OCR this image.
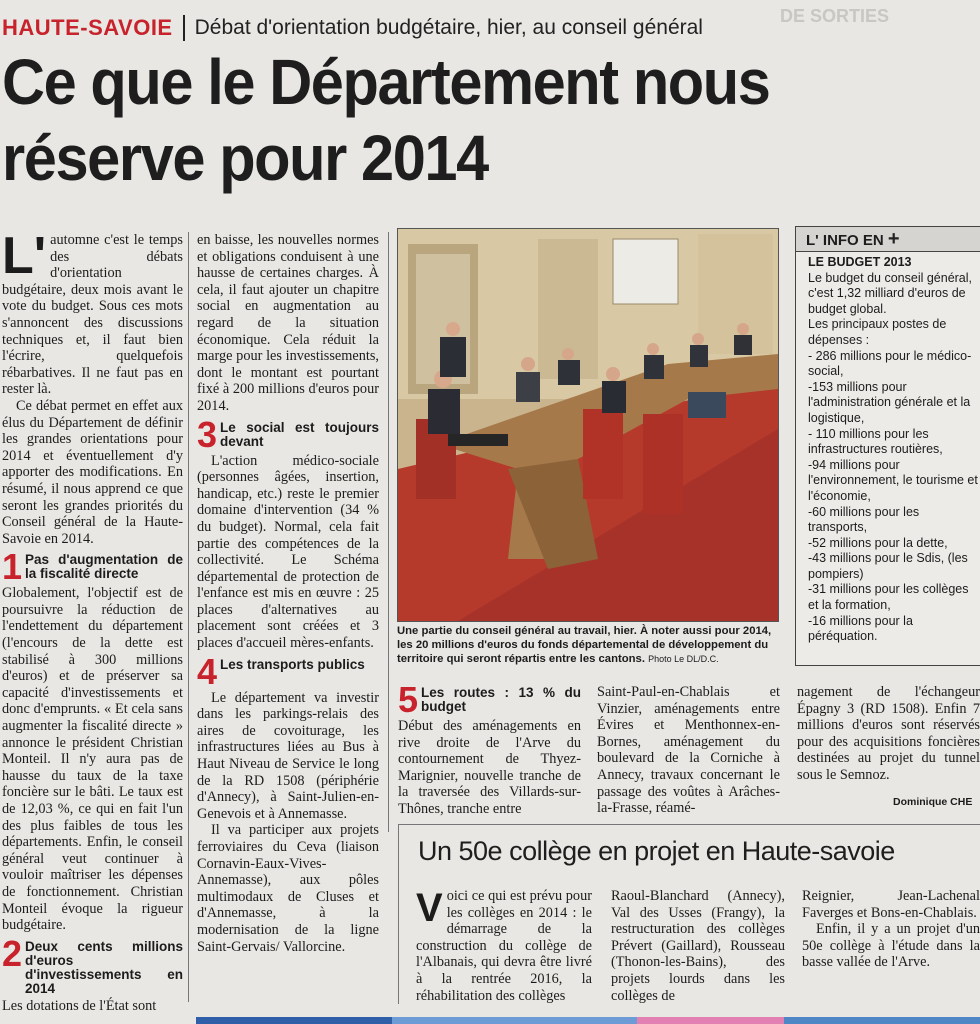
DE SORTIES
HAUTE-SAVOIE Débat d'orientation budgétaire, hier, au conseil général
Ce que le Département nous
réserve pour 2014

L' automne c'est le temps des débats d'orientation budgétaire, deux mois avant le vote du budget. Sous ces mots s'annoncent des discussions techniques et, il faut bien l'écrire, quelquefois rébarbatives. Il ne faut pas en rester là.

Ce débat permet en effet aux élus du Département de définir les grandes orientations pour 2014 et éventuellement d'y apporter des modifications. En résumé, il nous apprend ce que seront les grandes priorités du Conseil général de la Haute-Savoie en 2014.

1 Pas d'augmentation de la fiscalité directe

Globalement, l'objectif est de poursuivre la réduction de l'endettement du département (l'encours de la dette est stabilisé à 300 millions d'euros) et de préserver sa capacité d'investissements et donc d'emprunts. « Et cela sans augmenter la fiscalité directe » annonce le président Christian Monteil. Il n'y aura pas de hausse du taux de la taxe foncière sur le bâti. Le taux est de 12,03 %, ce qui en fait l'un des plus faibles de tous les départements. Enfin, le conseil général veut continuer à vouloir maîtriser les dépenses de fonctionnement. Christian Monteil évoque la rigueur budgétaire.

2 Deux cents millions d'euros d'investissements en 2014

Les dotations de l'État sont

en baisse, les nouvelles normes et obligations conduisent à une hausse de certaines charges. À cela, il faut ajouter un chapitre social en augmentation au regard de la situation économique. Cela réduit la marge pour les investissements, dont le montant est pourtant fixé à 200 millions d'euros pour 2014.

3 Le social est toujours devant

L'action médico-sociale (personnes âgées, insertion, handicap, etc.) reste le premier domaine d'intervention (34 % du budget). Normal, cela fait partie des compétences de la collectivité. Le Schéma départemental de protection de l'enfance est mis en œuvre : 25 places d'alternatives au placement sont créées et 3 places d'accueil mères-enfants.

4 Les transports publics

Le département va investir dans les parkings-relais des aires de covoiturage, les infrastructures liées au Bus à Haut Niveau de Service le long de la RD 1508 (périphérie d'Annecy), à Saint-Julien-en-Genevois et à Annemasse.

Il va participer aux projets ferroviaires du Ceva (liaison Cornavin-Eaux-Vives-Annemasse), aux pôles multimodaux de Cluses et d'Annemasse, à la modernisation de la ligne Saint-Gervais/ Vallorcine.

Une partie du conseil général au travail, hier. À noter aussi pour 2014, les 20 millions d'euros du fonds départemental de développement du territoire qui seront répartis entre les cantons. Photo Le DL/D.C.
L' INFO EN +

LE BUDGET 2013

Le budget du conseil général, c'est 1,32 milliard d'euros de budget global.

Les principaux postes de dépenses :

- 286 millions pour le médico-social,

-153 millions pour l'administration générale et la logistique,

- 110 millions pour les infrastructures routières,

-94 millions pour l'environnement, le tourisme et l'économie,

-60 millions pour les transports,

-52 millions pour la dette,

-43 millions pour le Sdis, (les pompiers)

-31 millions pour les collèges et la formation,

-16 millions pour la péréquation.

5 Les routes : 13 % du budget

Début des aménagements en rive droite de l'Arve du contournement de Thyez-Marignier, nouvelle tranche de la traversée des Villards-sur-Thônes, tranche entre

Saint-Paul-en-Chablais et Vinzier, aménagements entre Évires et Menthonnex-en-Bornes, aménagement du boulevard de la Corniche à Annecy, travaux concernant le passage des voûtes à Arâches-la-Frasse, réamé-

nagement de l'échangeur Épagny 3 (RD 1508). Enfin 7 millions d'euros sont réservés pour des acquisitions foncières destinées au projet du tunnel sous le Semnoz.

Dominique CHE
Un 50e collège en projet en Haute-savoie

Voici ce qui est prévu pour les collèges en 2014 : le démarrage de la construction du collège de l'Albanais, qui devra être livré à la rentrée 2016, la réhabilitation des collèges

Raoul-Blanchard (Annecy), Val des Usses (Frangy), la restructuration des collèges Prévert (Gaillard), Rousseau (Thonon-les-Bains), des projets lourds dans les collèges de

Reignier, Jean-Lachenal Faverges et Bons-en-Chablais.

Enfin, il y a un projet d'un 50e collège à l'étude dans la basse vallée de l'Arve.
